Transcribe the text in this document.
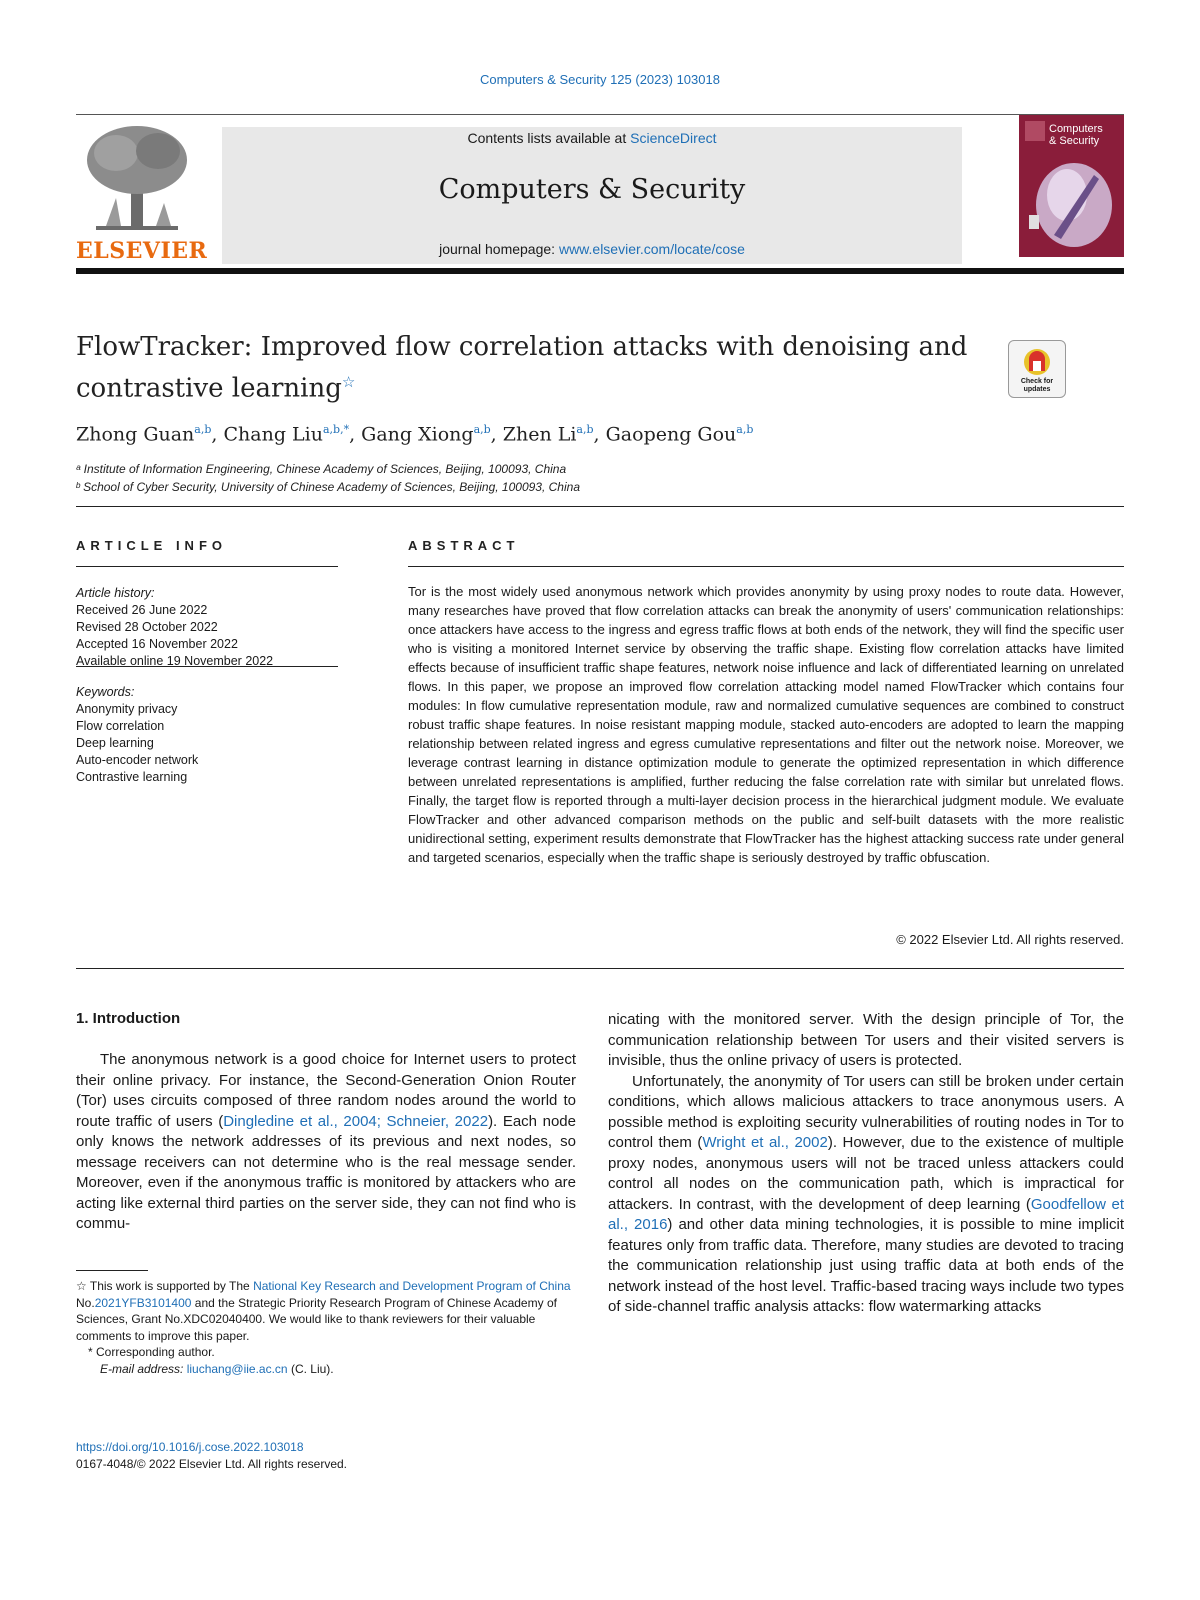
Computers & Security 125 (2023) 103018
ELSEVIER
Contents lists available at ScienceDirect
Computers & Security
journal homepage: www.elsevier.com/locate/cose
Computers
& Security
FlowTracker: Improved flow correlation attacks with denoising and contrastive learning☆	Check for updates
Zhong Guan$^{a,b}$, Chang Liu$^{a,b,*}$, Gang Xiong$^{a,b}$, Zhen Li$^{a,b}$, Gaopeng Gou$^{a,b}$
ᵃ Institute of Information Engineering, Chinese Academy of Sciences, Beijing, 100093, China
ᵇ School of Cyber Security, University of Chinese Academy of Sciences, Beijing, 100093, China
ARTICLE INFO
Article history:
Received 26 June 2022
Revised 28 October 2022
Accepted 16 November 2022
Available online 19 November 2022
Keywords:
Anonymity privacy
Flow correlation
Deep learning
Auto-encoder network
Contrastive learning
ABSTRACT
Tor is the most widely used anonymous network which provides anonymity by using proxy nodes to route data. However, many researches have proved that flow correlation attacks can break the anonymity of users' communication relationships: once attackers have access to the ingress and egress traffic flows at both ends of the network, they will find the specific user who is visiting a monitored Internet service by observing the traffic shape. Existing flow correlation attacks have limited effects because of insufficient traffic shape features, network noise influence and lack of differentiated learning on unrelated flows. In this paper, we propose an improved flow correlation attacking model named FlowTracker which contains four modules: In flow cumulative representation module, raw and normalized cumulative sequences are combined to construct robust traffic shape features. In noise resistant mapping module, stacked auto-encoders are adopted to learn the mapping relationship between related ingress and egress cumulative representations and filter out the network noise. Moreover, we leverage contrast learning in distance optimization module to generate the optimized representation in which difference between unrelated representations is amplified, further reducing the false correlation rate with similar but unrelated flows. Finally, the target flow is reported through a multi-layer decision process in the hierarchical judgment module. We evaluate FlowTracker and other advanced comparison methods on the public and self-built datasets with the more realistic unidirectional setting, experiment results demonstrate that FlowTracker has the highest attacking success rate under general and targeted scenarios, especially when the traffic shape is seriously destroyed by traffic obfuscation.
© 2022 Elsevier Ltd. All rights reserved.
1. Introduction

The anonymous network is a good choice for Internet users to protect their online privacy. For instance, the Second-Generation Onion Router (Tor) uses circuits composed of three random nodes around the world to route traffic of users (Dingledine et al., 2004; Schneier, 2022). Each node only knows the network addresses of its previous and next nodes, so message receivers can not determine who is the real message sender. Moreover, even if the anonymous traffic is monitored by attackers who are acting like external third parties on the server side, they can not find who is commu-

nicating with the monitored server. With the design principle of Tor, the communication relationship between Tor users and their visited servers is invisible, thus the online privacy of users is protected.

Unfortunately, the anonymity of Tor users can still be broken under certain conditions, which allows malicious attackers to trace anonymous users. A possible method is exploiting security vulnerabilities of routing nodes in Tor to control them (Wright et al., 2002). However, due to the existence of multiple proxy nodes, anonymous users will not be traced unless attackers could control all nodes on the communication path, which is impractical for attackers. In contrast, with the development of deep learning (Goodfellow et al., 2016) and other data mining technologies, it is possible to mine implicit features only from traffic data. Therefore, many studies are devoted to tracing the communication relationship just using traffic data at both ends of the network instead of the host level. Traffic-based tracing ways include two types of side-channel traffic analysis attacks: flow watermarking attacks

☆ This work is supported by The National Key Research and Development Program of China No.2021YFB3101400 and the Strategic Priority Research Program of Chinese Academy of Sciences, Grant No.XDC02040400. We would like to thank reviewers for their valuable comments to improve this paper.

* Corresponding author.

E-mail address: liuchang@iie.ac.cn (C. Liu).

https://doi.org/10.1016/j.cose.2022.103018
0167-4048/© 2022 Elsevier Ltd. All rights reserved.
